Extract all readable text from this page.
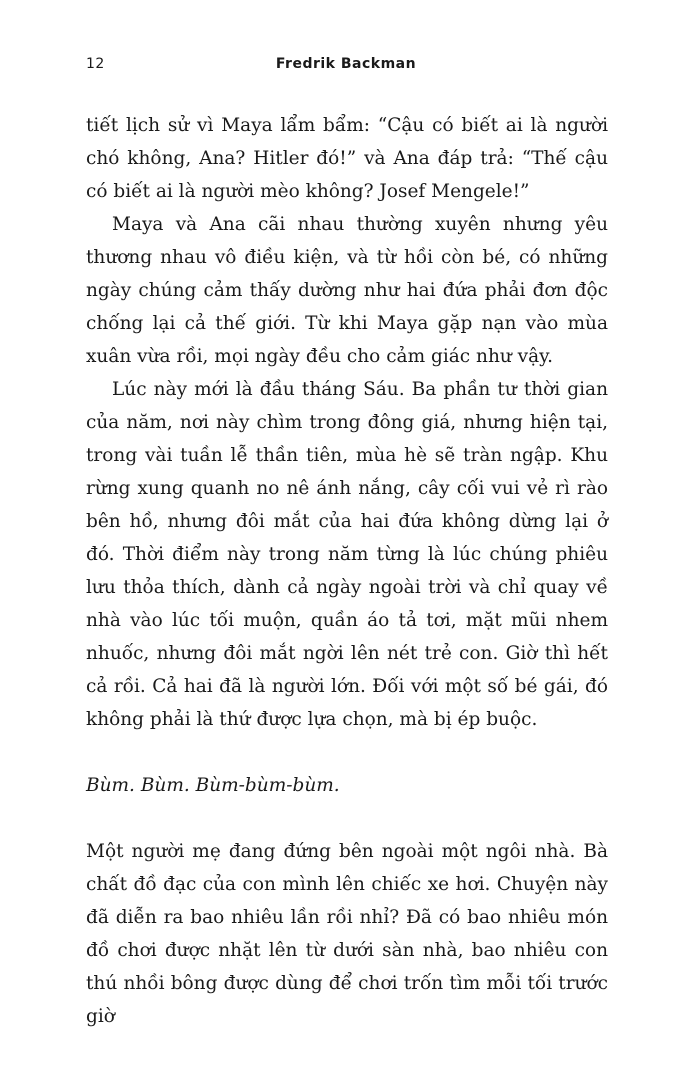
12	Fredrik Backman

tiết lịch sử vì Maya lẩm bẩm: “Cậu có biết ai là người chó không, Ana? Hitler đó!” và Ana đáp trả: “Thế cậu có biết ai là người mèo không? Josef Mengele!”

Maya và Ana cãi nhau thường xuyên nhưng yêu thương nhau vô điều kiện, và từ hồi còn bé, có những ngày chúng cảm thấy dường như hai đứa phải đơn độc chống lại cả thế giới. Từ khi Maya gặp nạn vào mùa xuân vừa rồi, mọi ngày đều cho cảm giác như vậy.

Lúc này mới là đầu tháng Sáu. Ba phần tư thời gian của năm, nơi này chìm trong đông giá, nhưng hiện tại, trong vài tuần lễ thần tiên, mùa hè sẽ tràn ngập. Khu rừng xung quanh no nê ánh nắng, cây cối vui vẻ rì rào bên hồ, nhưng đôi mắt của hai đứa không dừng lại ở đó. Thời điểm này trong năm từng là lúc chúng phiêu lưu thỏa thích, dành cả ngày ngoài trời và chỉ quay về nhà vào lúc tối muộn, quần áo tả tơi, mặt mũi nhem nhuốc, nhưng đôi mắt ngời lên nét trẻ con. Giờ thì hết cả rồi. Cả hai đã là người lớn. Đối với một số bé gái, đó không phải là thứ được lựa chọn, mà bị ép buộc.

Bùm. Bùm. Bùm-bùm-bùm.

Một người mẹ đang đứng bên ngoài một ngôi nhà. Bà chất đồ đạc của con mình lên chiếc xe hơi. Chuyện này đã diễn ra bao nhiêu lần rồi nhỉ? Đã có bao nhiêu món đồ chơi được nhặt lên từ dưới sàn nhà, bao nhiêu con thú nhồi bông được dùng để chơi trốn tìm mỗi tối trước giờ
